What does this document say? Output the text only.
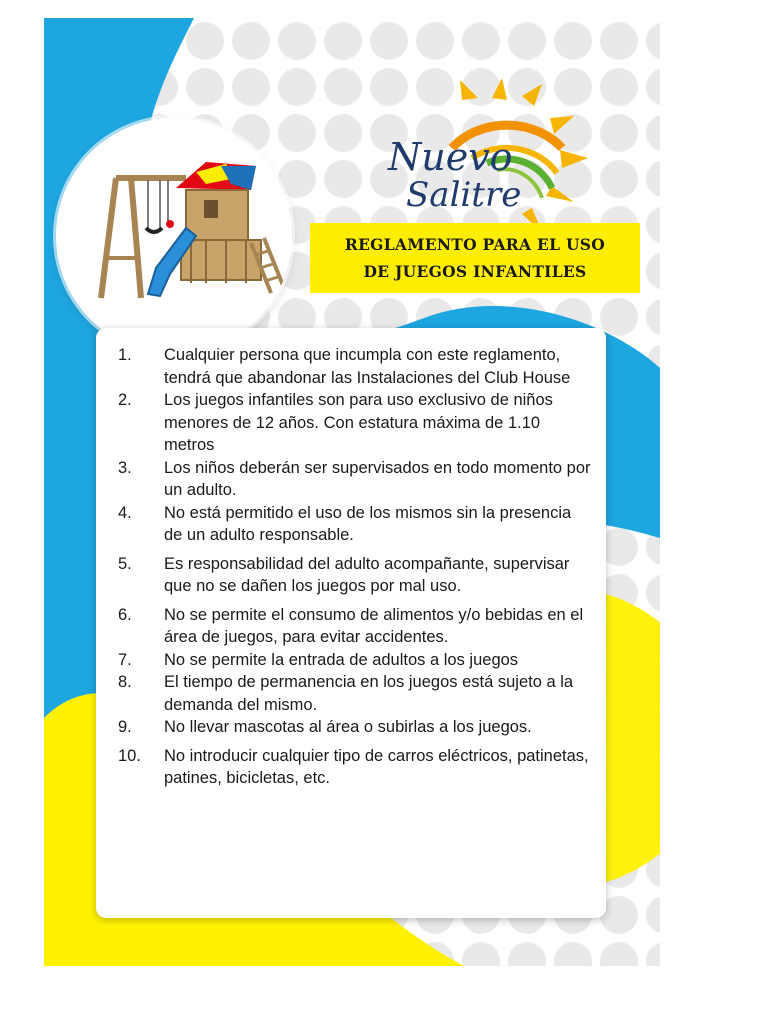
Nuevo
Salitre
REGLAMENTO PARA EL USO
DE JUEGOS INFANTILES
1.	Cualquier persona que incumpla con este reglamento, tendrá que abandonar las Instalaciones del Club House
2.	Los juegos infantiles son para uso exclusivo de niños menores de 12 años. Con estatura máxima de 1.10 metros
3.	Los niños deberán ser supervisados en todo momento por un adulto.
4.	No está permitido el uso de los mismos sin la presencia de un adulto responsable.
5.	Es responsabilidad del adulto acompañante, supervisar que no se dañen los juegos por mal uso.
6.	No se permite el consumo de alimentos y/o bebidas en el área de juegos, para evitar accidentes.
7.	No se permite la entrada de adultos a los juegos
8.	El tiempo de permanencia en los juegos está sujeto a la demanda del mismo.
9.	No llevar mascotas al área o subirlas a los juegos.
10.	No introducir cualquier tipo de carros eléctricos, patinetas, patines, bicicletas, etc.
